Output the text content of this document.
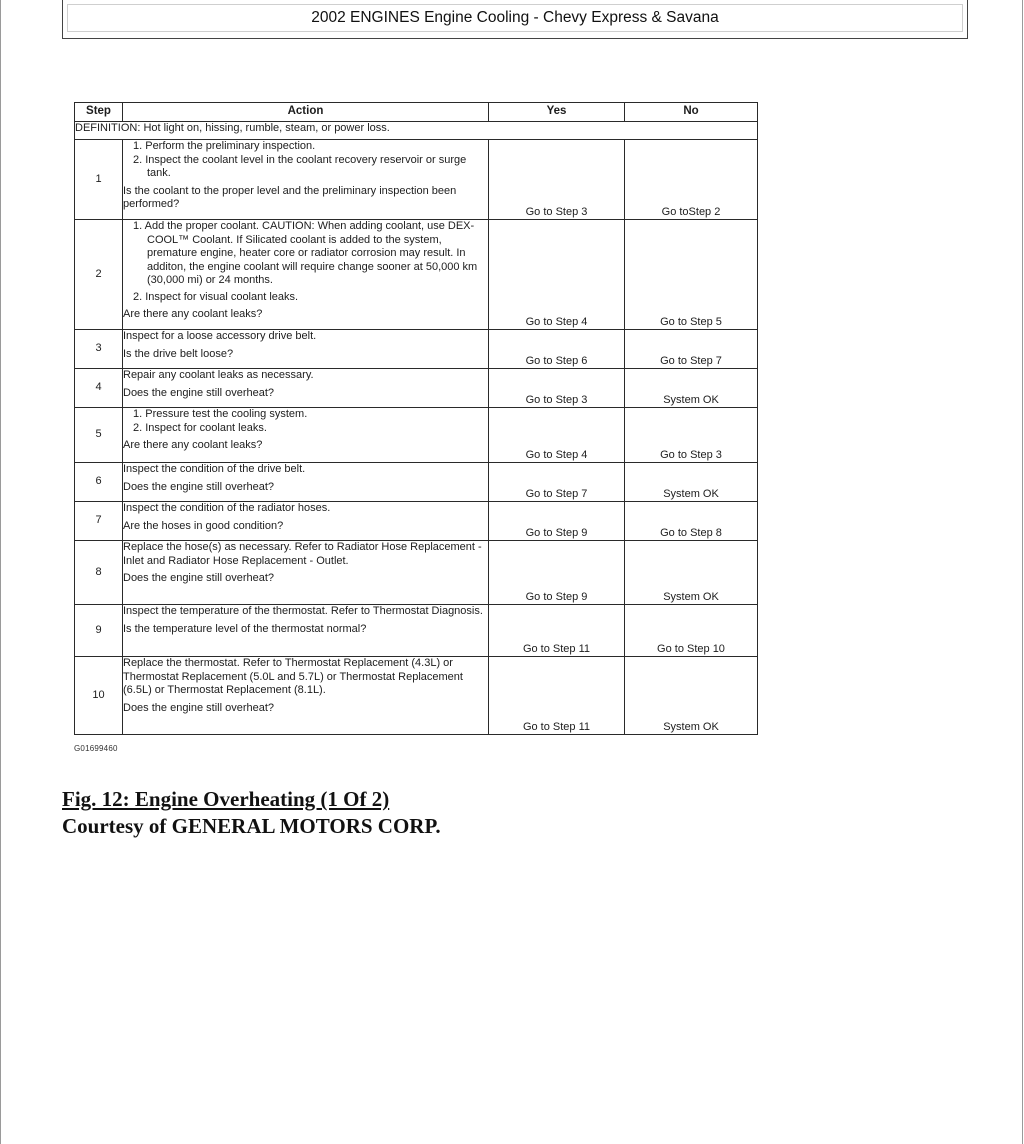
2002 ENGINES Engine Cooling - Chevy Express & Savana
Step	Action	Yes	No
DEFINITION: Hot light on, hissing, rumble, steam, or power loss.			
1	1. Perform the preliminary inspection.
2. Inspect the coolant level in the coolant recovery reservoir or surge tank.
Is the coolant to the proper level and the preliminary inspection been performed?	Go to Step 3	Go toStep 2
2	1. Add the proper coolant. CAUTION: When adding coolant, use DEX-COOL™ Coolant. If Silicated coolant is added to the system, premature engine, heater core or radiator corrosion may result. In additon, the engine coolant will require change sooner at 50,000 km (30,000 mi) or 24 months.
2. Inspect for visual coolant leaks.
Are there any coolant leaks?	Go to Step 4	Go to Step 5
3	Inspect for a loose accessory drive belt.
Is the drive belt loose?	Go to Step 6	Go to Step 7
4	Repair any coolant leaks as necessary.
Does the engine still overheat?	Go to Step 3	System OK
5	1. Pressure test the cooling system.
2. Inspect for coolant leaks.
Are there any coolant leaks?	Go to Step 4	Go to Step 3
6	Inspect the condition of the drive belt.
Does the engine still overheat?	Go to Step 7	System OK
7	Inspect the condition of the radiator hoses.
Are the hoses in good condition?	Go to Step 9	Go to Step 8
8	Replace the hose(s) as necessary. Refer to Radiator Hose Replacement - Inlet and Radiator Hose Replacement - Outlet.
Does the engine still overheat?	Go to Step 9	System OK
9	Inspect the temperature of the thermostat. Refer to Thermostat Diagnosis.
Is the temperature level of the thermostat normal?	Go to Step 11	Go to Step 10
10	Replace the thermostat. Refer to Thermostat Replacement (4.3L) or Thermostat Replacement (5.0L and 5.7L) or Thermostat Replacement (6.5L) or Thermostat Replacement (8.1L).
Does the engine still overheat?	Go to Step 11	System OK
G01699460
Fig. 12: Engine Overheating (1 Of 2)
Courtesy of GENERAL MOTORS CORP.
